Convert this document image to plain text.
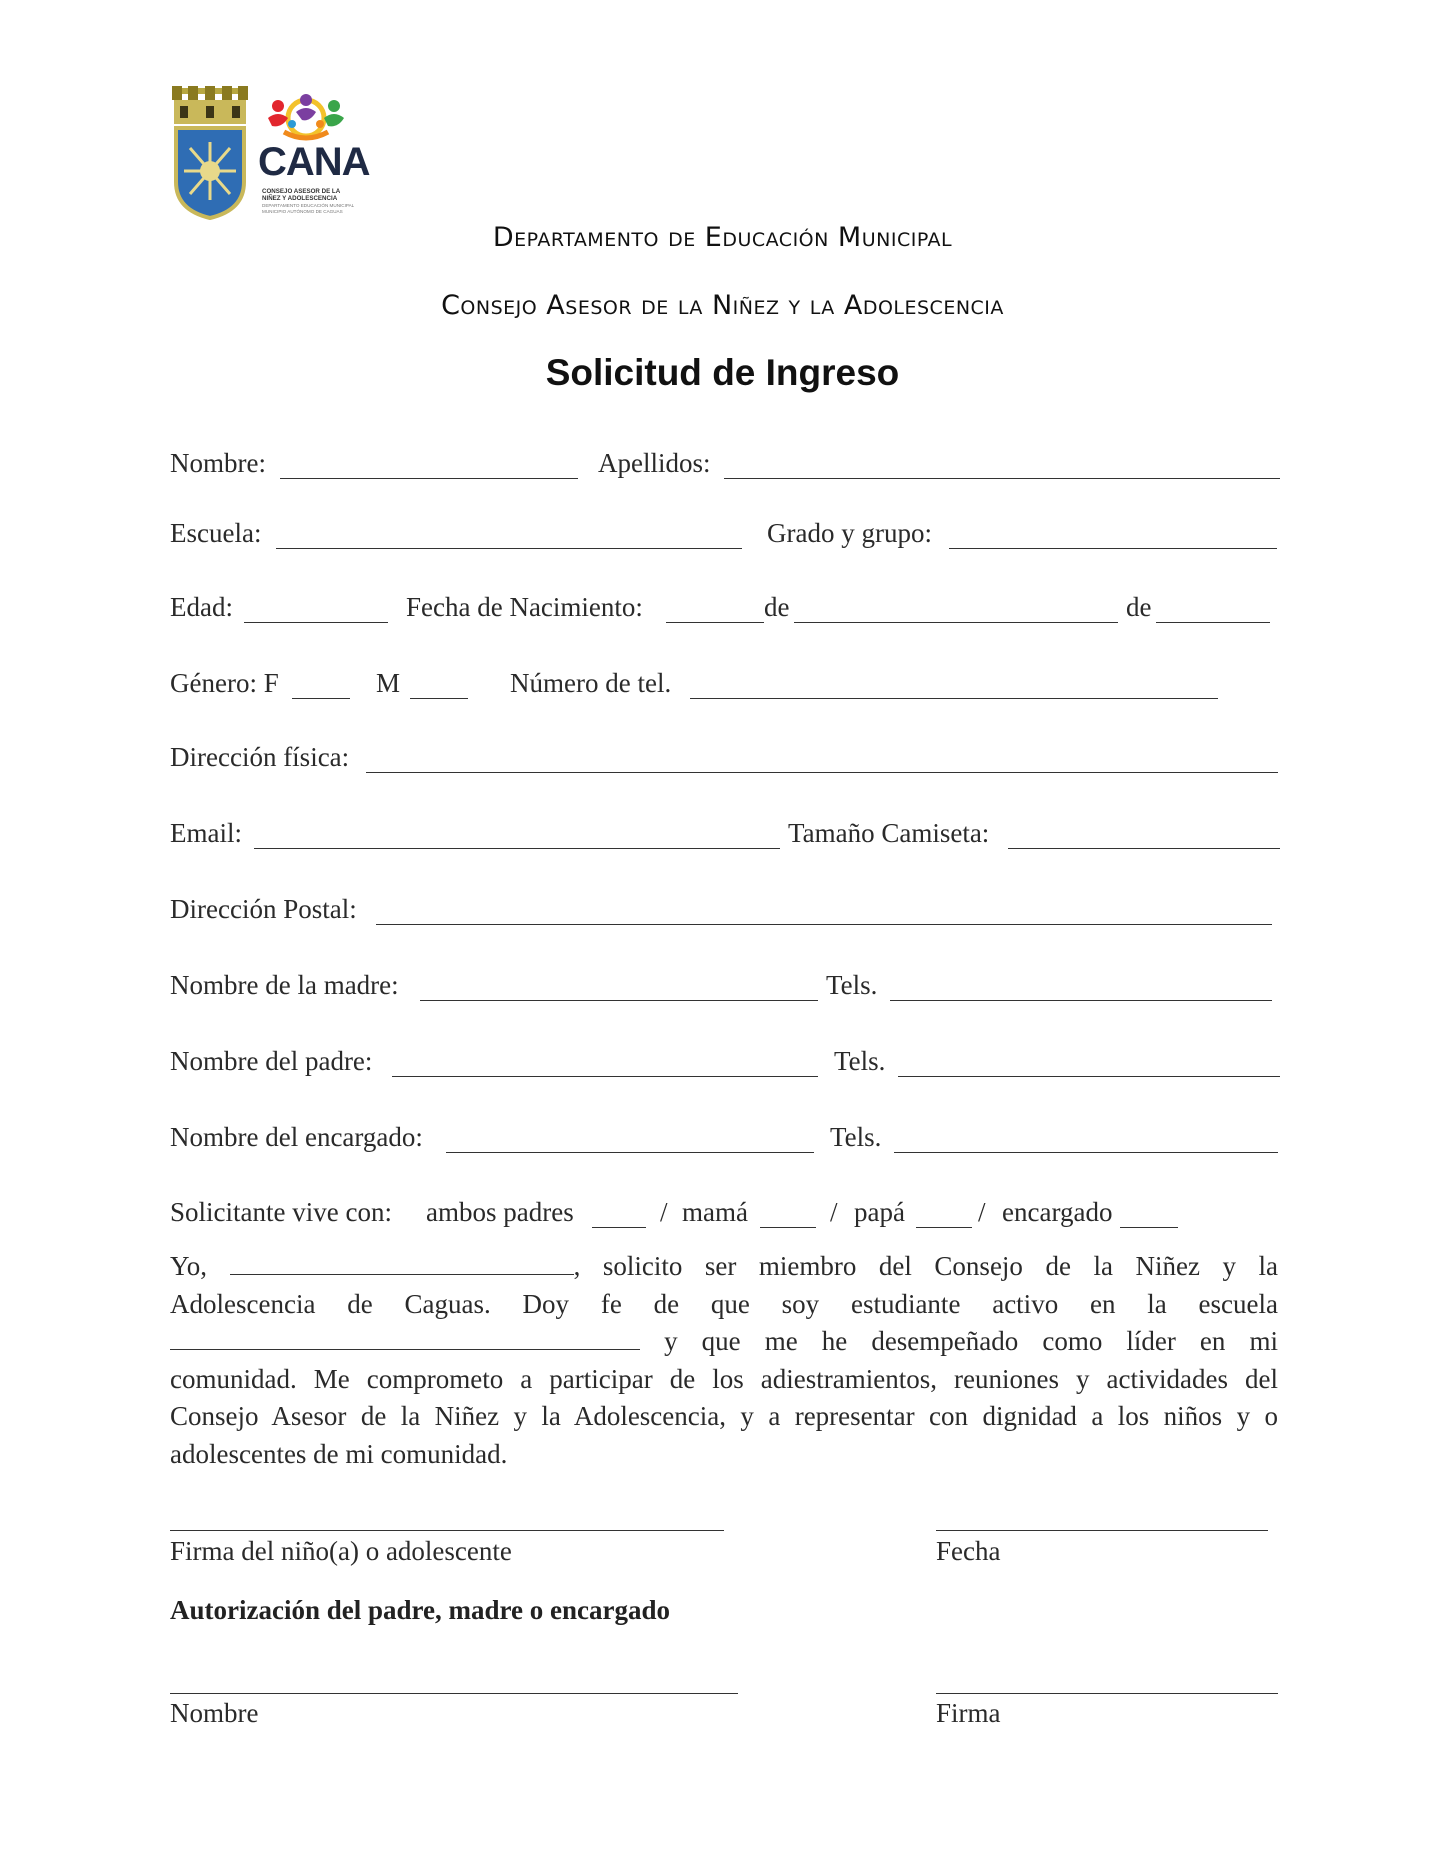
CANA
CONSEJO ASESOR DE LA NIÑEZ Y ADOLESCENCIA
DEPARTAMENTO EDUCACIÓN MUNICIPAL MUNICIPIO AUTÓNOMO DE CAGUAS
Departamento de Educación Municipal
Consejo Asesor de la Niñez y la Adolescencia
Solicitud de Ingreso
Nombre:	Apellidos:
Escuela:	Grado y grupo:
Edad:	Fecha de Nacimiento:	de	de
Género: F	M	Número de tel.
Dirección física:
Email:	Tamaño Camiseta:
Dirección Postal:
Nombre de la madre:	Tels.
Nombre del padre:	Tels.
Nombre del encargado:	Tels.
Solicitante vive con: ambos padres	/ mamá	/ papá	/ encargado
Yo,	, solicito ser miembro del Consejo de la Niñez y la
Adolescencia de Caguas. Doy fe de que soy estudiante activo en la escuela
y que me he desempeñado como líder en mi
comunidad. Me comprometo a participar de los adiestramientos, reuniones y actividades del
Consejo Asesor de la Niñez y la Adolescencia, y a representar con dignidad a los niños y o
adolescentes de mi comunidad.
Firma del niño(a) o adolescente	Fecha
Autorización del padre, madre o encargado
Nombre	Firma
